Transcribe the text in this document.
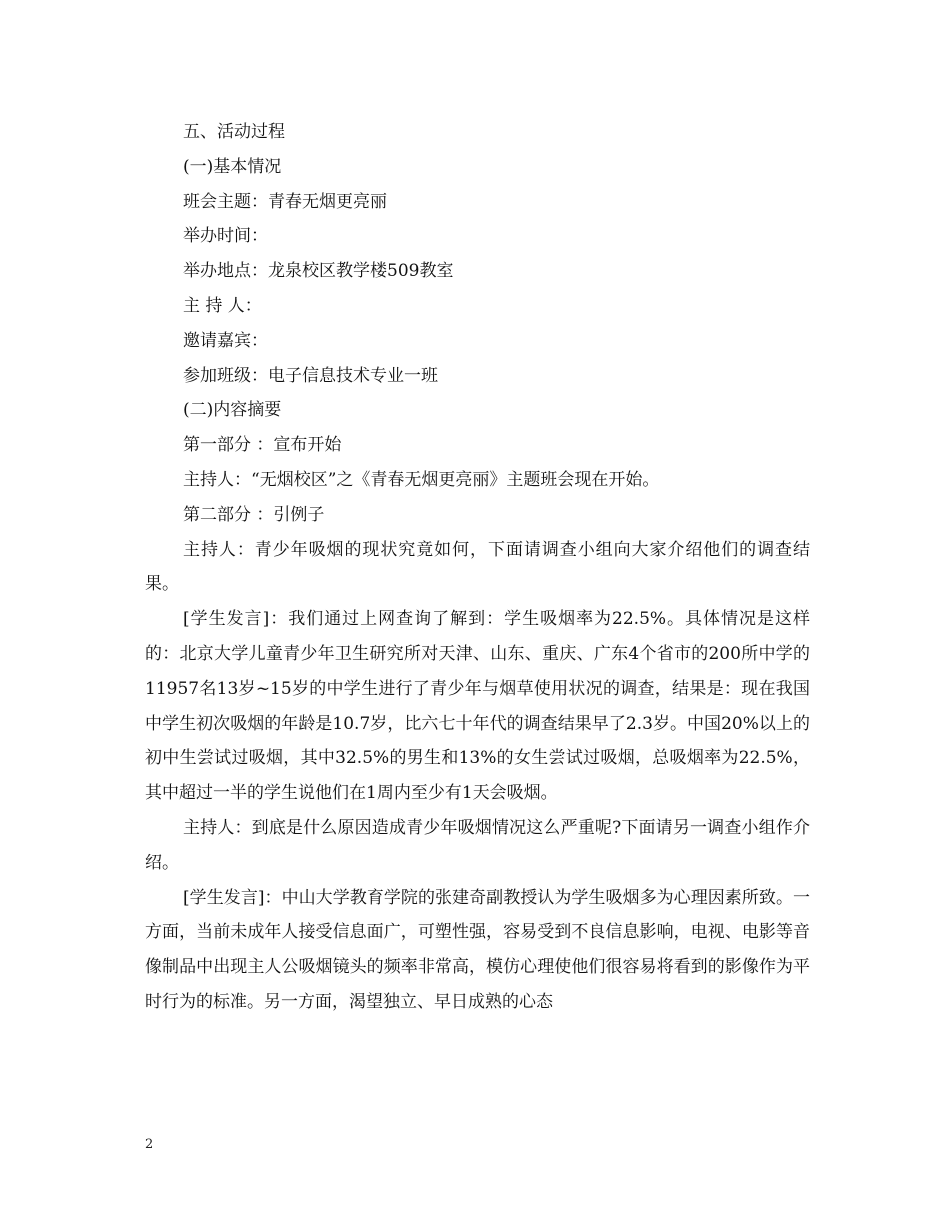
五、活动过程

(一)基本情况

班会主题：青春无烟更亮丽

举办时间：

举办地点：龙泉校区教学楼509教室

主 持 人：

邀请嘉宾：

参加班级：电子信息技术专业一班

(二)内容摘要

第一部分 ：宣布开始

主持人：“无烟校区”之《青春无烟更亮丽》主题班会现在开始。

第二部分 ：引例子

主持人：青少年吸烟的现状究竟如何，下面请调查小组向大家介绍他们的调查结果。

[学生发言]：我们通过上网查询了解到：学生吸烟率为22.5%。具体情况是这样的：北京大学儿童青少年卫生研究所对天津、山东、重庆、广东4个省市的200所中学的11957名13岁~15岁的中学生进行了青少年与烟草使用状况的调查，结果是：现在我国中学生初次吸烟的年龄是10.7岁，比六七十年代的调查结果早了2.3岁。中国20%以上的初中生尝试过吸烟，其中32.5%的男生和13%的女生尝试过吸烟，总吸烟率为22.5%，其中超过一半的学生说他们在1周内至少有1天会吸烟。

主持人：到底是什么原因造成青少年吸烟情况这么严重呢?下面请另一调查小组作介绍。

[学生发言]：中山大学教育学院的张建奇副教授认为学生吸烟多为心理因素所致。一方面，当前未成年人接受信息面广，可塑性强，容易受到不良信息影响，电视、电影等音像制品中出现主人公吸烟镜头的频率非常高，模仿心理使他们很容易将看到的影像作为平时行为的标准。另一方面，渴望独立、早日成熟的心态

2
